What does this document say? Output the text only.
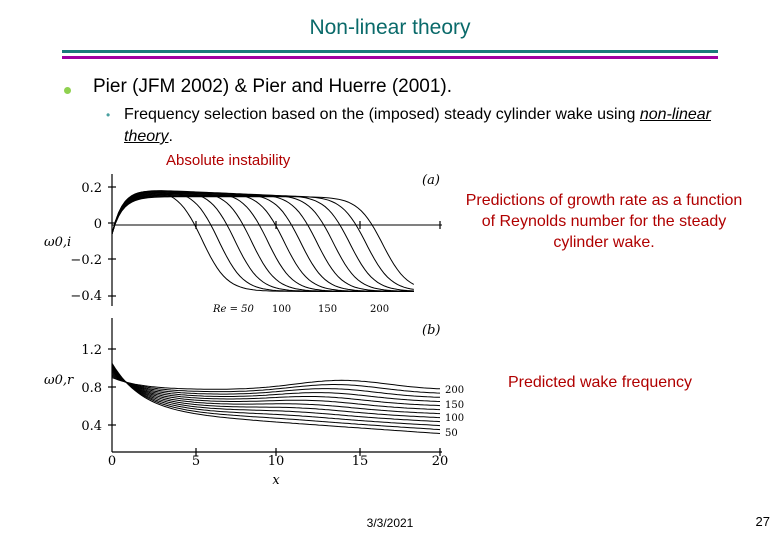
Non-linear theory
Pier (JFM 2002) & Pier and Huerre (2001).
• Frequency selection based on the (imposed) steady cylinder wake using non-linear theory.
Absolute instability
Predictions of growth rate as a function of Reynolds number for the steady cylinder wake.
Predicted wake frequency
0.2
0
−0.2
−0.4
ω0,i
(a)
Re = 50 100	150	200
1.2
0.8
0.4
ω0,r
(b)
0	5	10	15	20
x
200
150
100
50
3/3/2021	27
